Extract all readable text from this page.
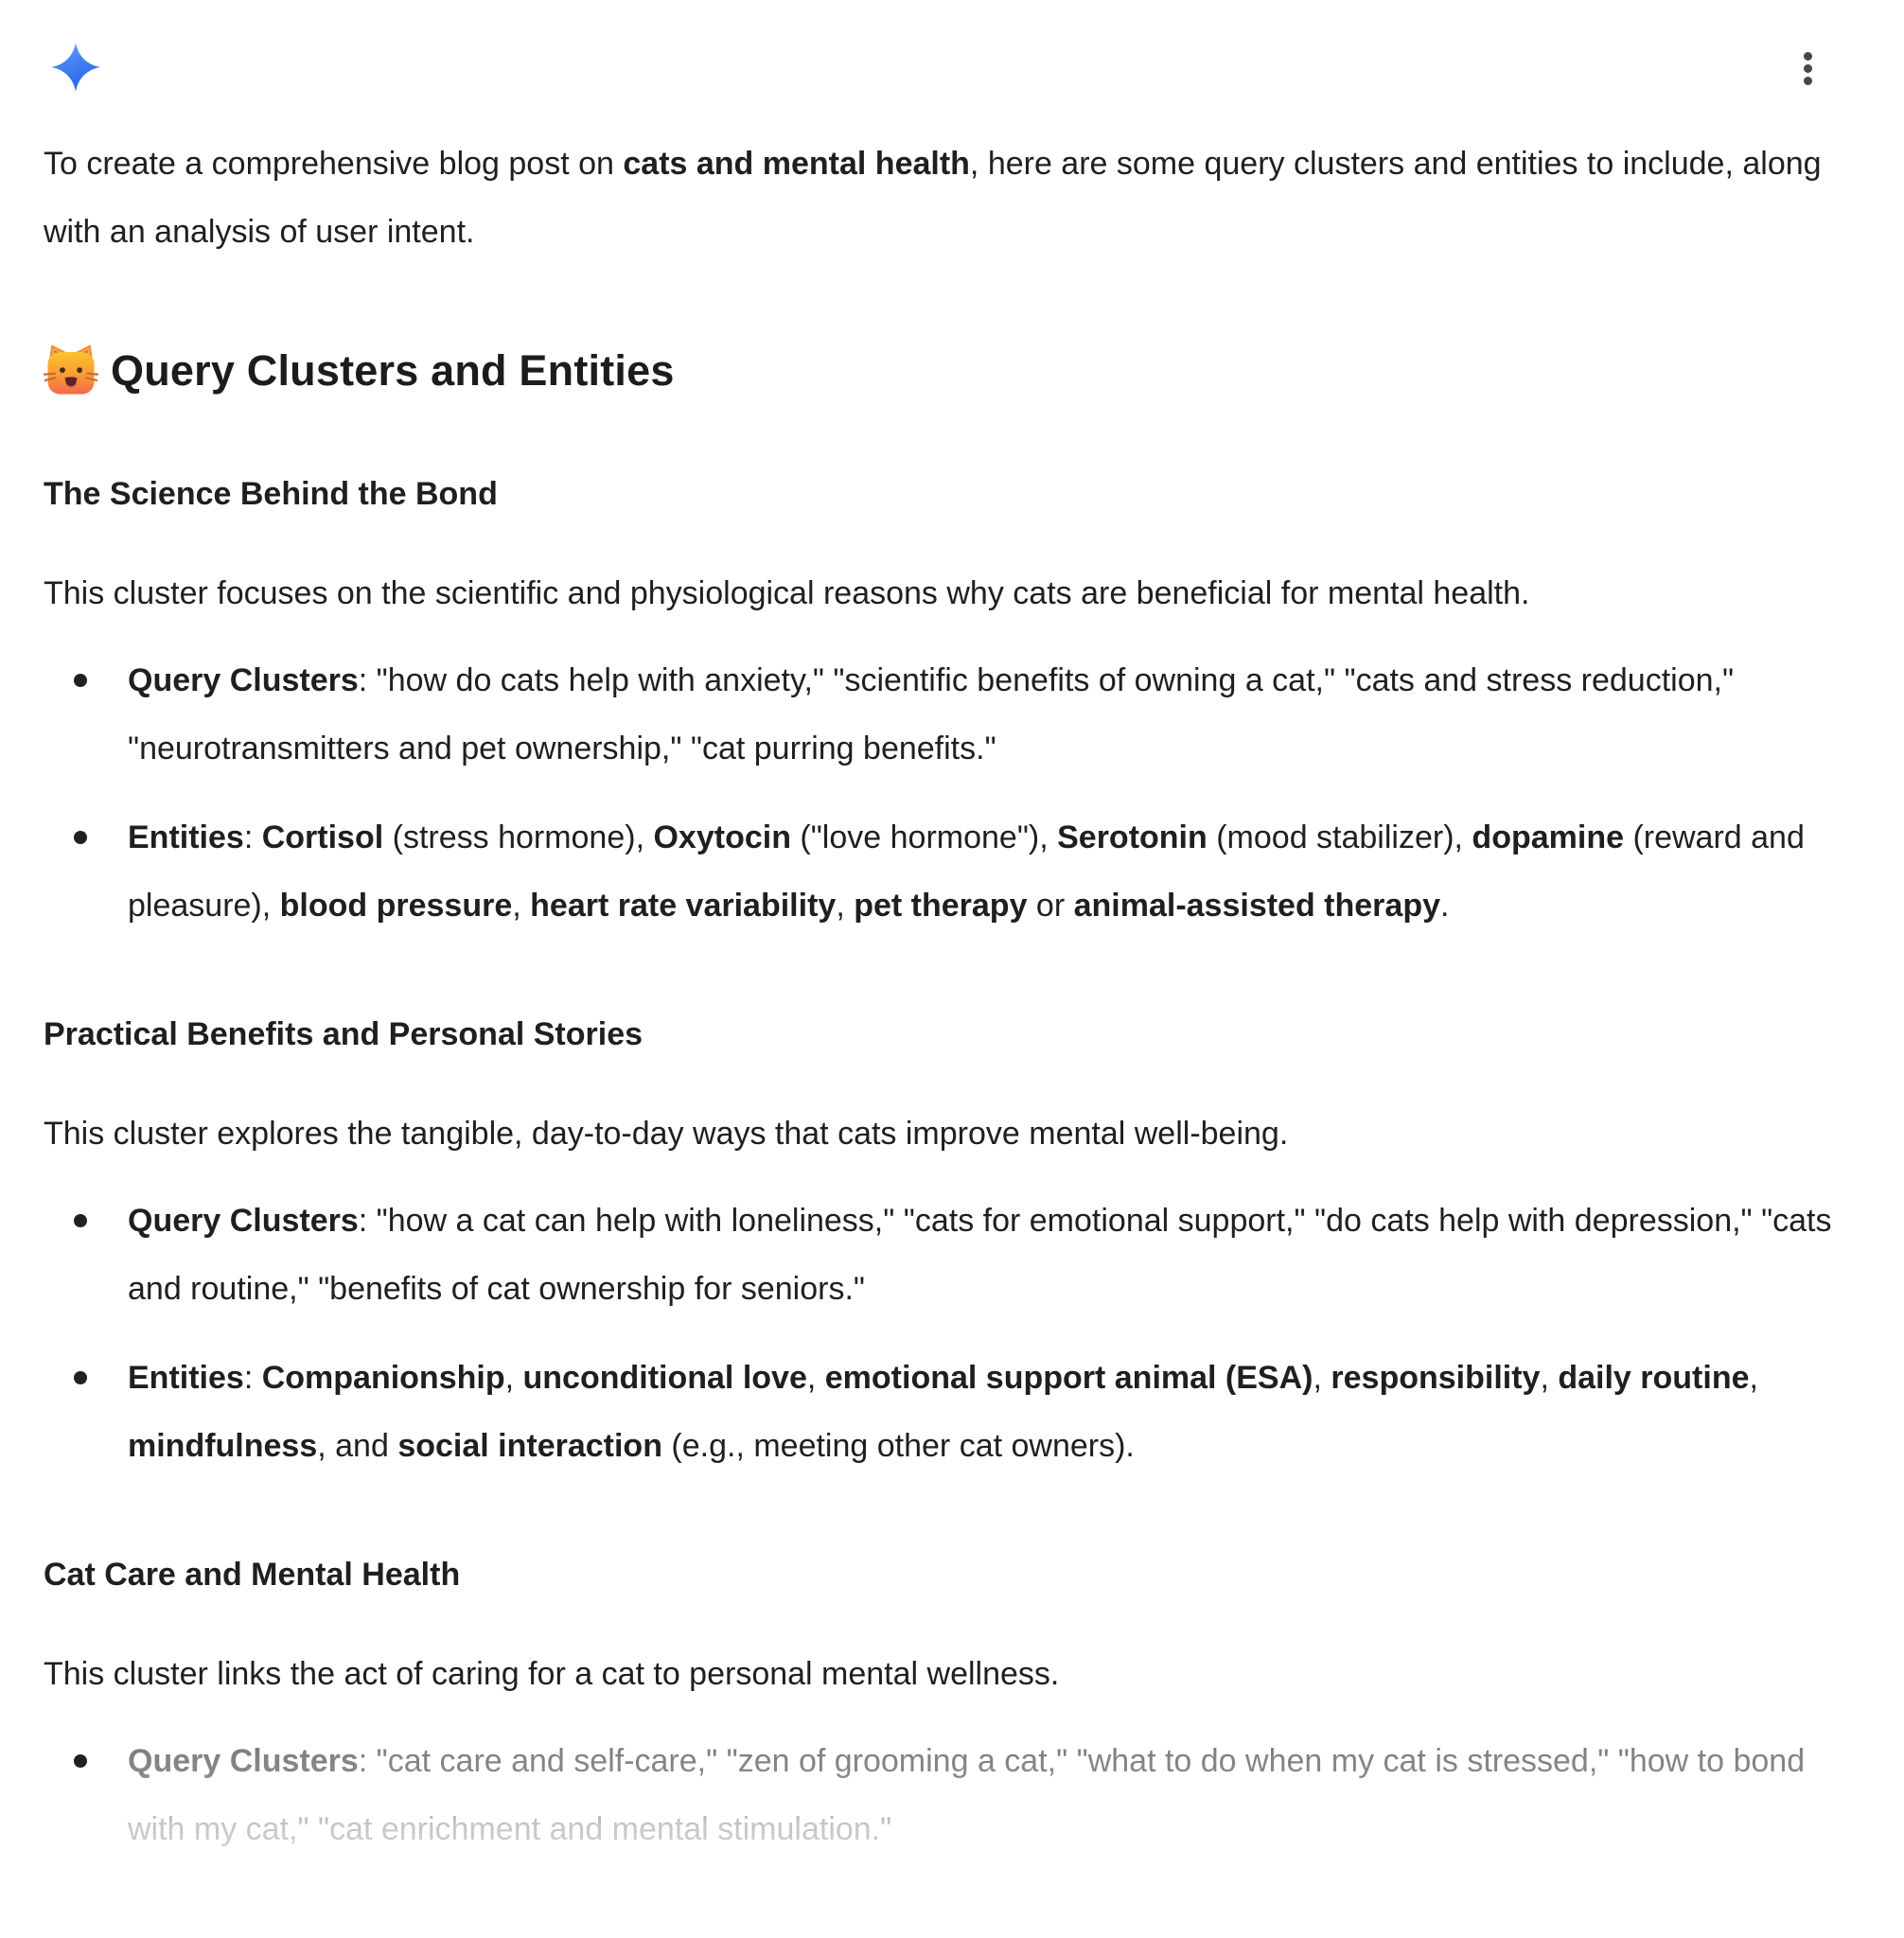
To create a comprehensive blog post on cats and mental health, here are some query clusters and entities to include, along with an analysis of user intent.

Query Clusters and Entities
The Science Behind the Bond

This cluster focuses on the scientific and physiological reasons why cats are beneficial for mental health.

Query Clusters: "how do cats help with anxiety," "scientific benefits of owning a cat," "cats and stress reduction," "neurotransmitters and pet ownership," "cat purring benefits."
Entities: Cortisol (stress hormone), Oxytocin ("love hormone"), Serotonin (mood stabilizer), dopamine (reward and pleasure), blood pressure, heart rate variability, pet therapy or animal-assisted therapy.
Practical Benefits and Personal Stories

This cluster explores the tangible, day-to-day ways that cats improve mental well-being.

Query Clusters: "how a cat can help with loneliness," "cats for emotional support," "do cats help with depression," "cats and routine," "benefits of cat ownership for seniors."
Entities: Companionship, unconditional love, emotional support animal (ESA), responsibility, daily routine, mindfulness, and social interaction (e.g., meeting other cat owners).
Cat Care and Mental Health

This cluster links the act of caring for a cat to personal mental wellness.

Query Clusters: "cat care and self-care," "zen of grooming a cat," "what to do when my cat is stressed," "how to bond with my cat," "cat enrichment and mental stimulation."
